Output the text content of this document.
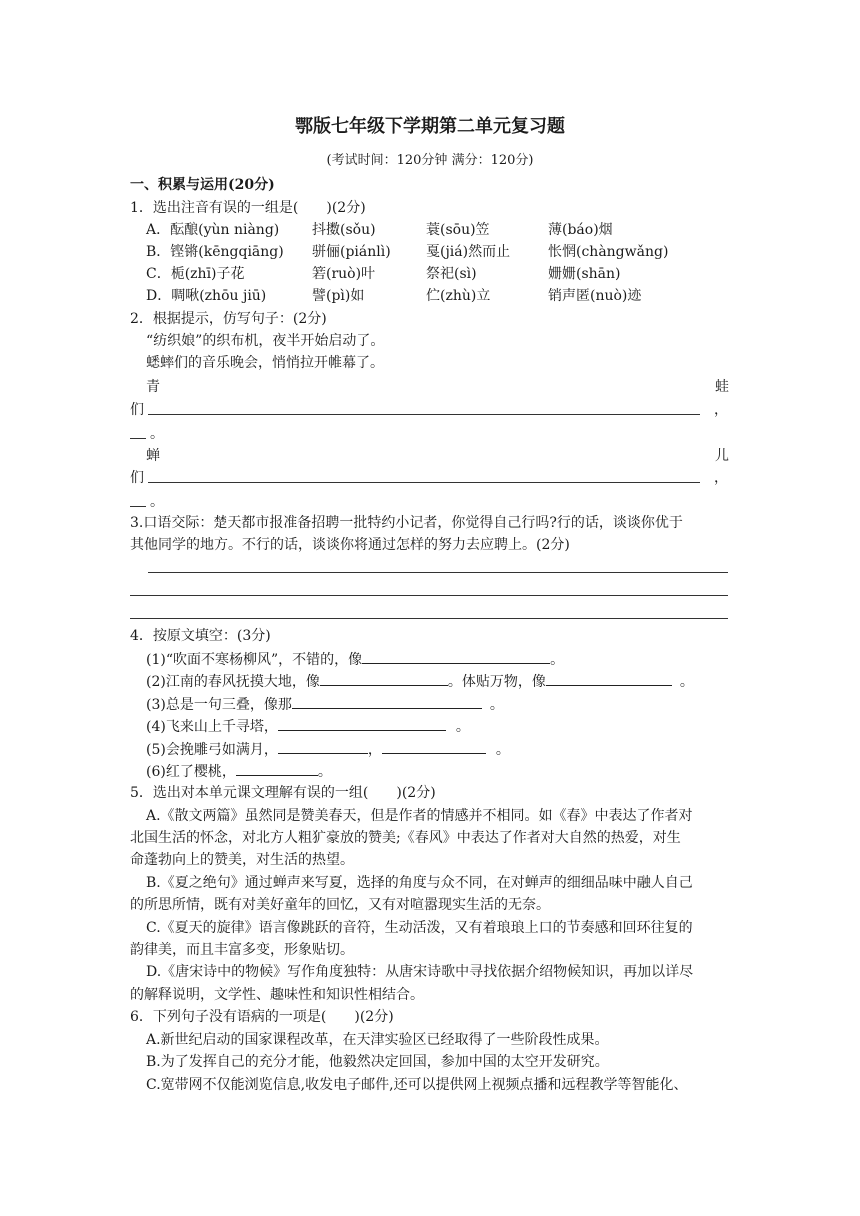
鄂版七年级下学期第二单元复习题
(考试时间：120分钟 满分：120分)
一、积累与运用(20分)
1．选出注音有误的一组是(　　)(2分)
A．酝酿(yùn niàng) 抖擞(sǒu)	蓑(sōu)笠	薄(báo)烟
B．铿锵(kēngqiāng) 骈俪(piánlì)	戛(jiá)然而止	怅惘(chàngwǎng)
C．栀(zhī)子花	箬(ruò)叶	祭祀(sì)	姗姗(shān)
D．啁啾(zhōu jiū)	譬(pì)如	伫(zhù)立	销声匿(nuò)迹
2．根据提示，仿写句子：(2分)
“纺织娘”的织布机，夜半开始启动了。
蟋蟀们的音乐晚会，悄悄拉开帷幕了。
青	蛙
们	，
。
蝉	儿
们	，
。
3.口语交际：楚天都市报准备招聘一批特约小记者，你觉得自己行吗?行的话，谈谈你优于
其他同学的地方。不行的话，谈谈你将通过怎样的努力去应聘上。(2分)
4．按原文填空：(3分)
(1)“吹面不寒杨柳风”，不错的，像	。
(2)江南的春风抚摸大地，像	。体贴万物，像	。
(3)总是一句三叠，像那	。
(4)飞来山上千寻塔，	。
(5)会挽雕弓如满月，	，	。
(6)红了樱桃，	。
5．选出对本单元课文理解有误的一组(　　)(2分)
A.《散文两篇》虽然同是赞美春天，但是作者的情感并不相同。如《春》中表达了作者对
北国生活的怀念，对北方人粗犷豪放的赞美;《春风》中表达了作者对大自然的热爱，对生
命蓬勃向上的赞美，对生活的热望。
B.《夏之绝句》通过蝉声来写夏，选择的角度与众不同，在对蝉声的细细品味中融人自己
的所思所情，既有对美好童年的回忆，又有对喧嚣现实生活的无奈。
C.《夏天的旋律》语言像跳跃的音符，生动活泼，又有着琅琅上口的节奏感和回环往复的
韵律美，而且丰富多变，形象贴切。
D.《唐宋诗中的物候》写作角度独特：从唐宋诗歌中寻找依据介绍物候知识，再加以详尽
的解释说明，文学性、趣味性和知识性相结合。
6．下列句子没有语病的一项是(　　)(2分)
A.新世纪启动的国家课程改革，在天津实验区已经取得了一些阶段性成果。
B.为了发挥自己的充分才能，他毅然决定回国，参加中国的太空开发研究。
C.宽带网不仅能浏览信息,收发电子邮件,还可以提供网上视频点播和远程教学等智能化、
